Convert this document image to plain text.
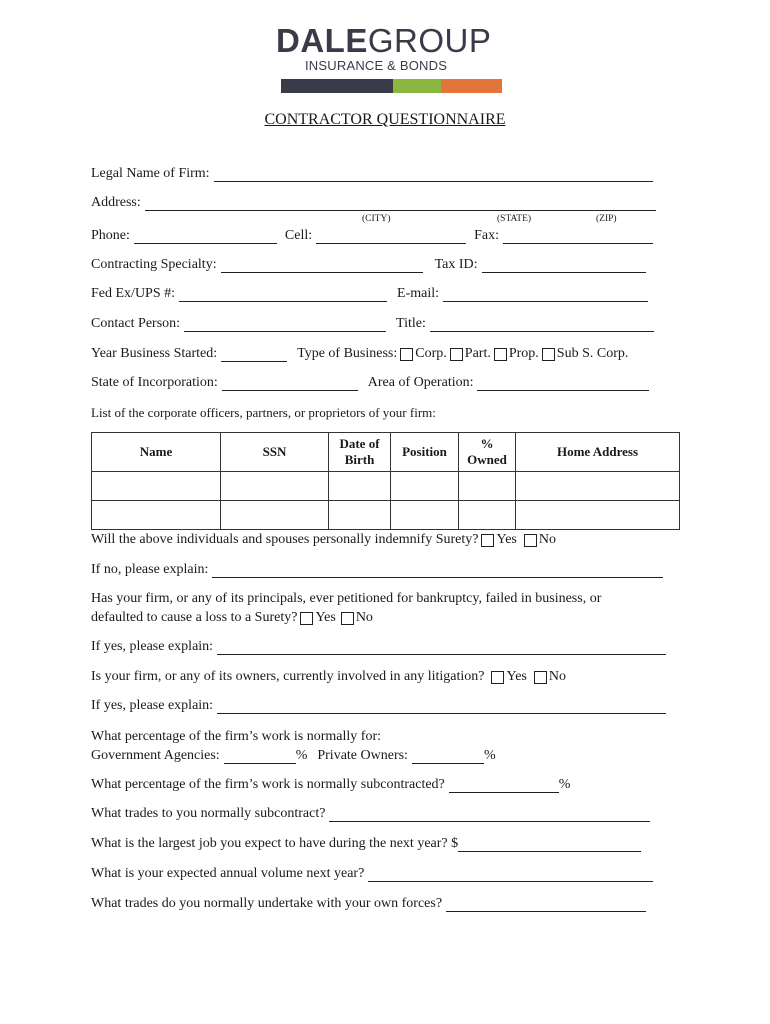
DALEGROUP
INSURANCE & BONDS
CONTRACTOR QUESTIONNAIRE
Legal Name of Firm:
Address:
(CITY)	(STATE)	(ZIP)
Phone:	Cell:	Fax:
Contracting Specialty:	Tax ID:
Fed Ex/UPS #:	E-mail:
Contact Person:	Title:
Year Business Started:	Type of Business: Corp. Part. Prop. Sub S. Corp.
State of Incorporation:	Area of Operation:
List of the corporate officers, partners, or proprietors of your firm:
Name	SSN	Date of Birth	Position	% Owned	Home Address

Will the above individuals and spouses personally indemnify Surety? Yes No
If no, please explain:
Has your firm, or any of its principals, ever petitioned for bankruptcy, failed in business, or
defaulted to cause a loss to a Surety? Yes No
If yes, please explain:
Is your firm, or any of its owners, currently involved in any litigation? Yes No
If yes, please explain:
What percentage of the firm’s work is normally for:
Government Agencies:	% Private Owners:	%
What percentage of the firm’s work is normally subcontracted?	%
What trades to you normally subcontract?
What is the largest job you expect to have during the next year? $
What is your expected annual volume next year?
What trades do you normally undertake with your own forces?
